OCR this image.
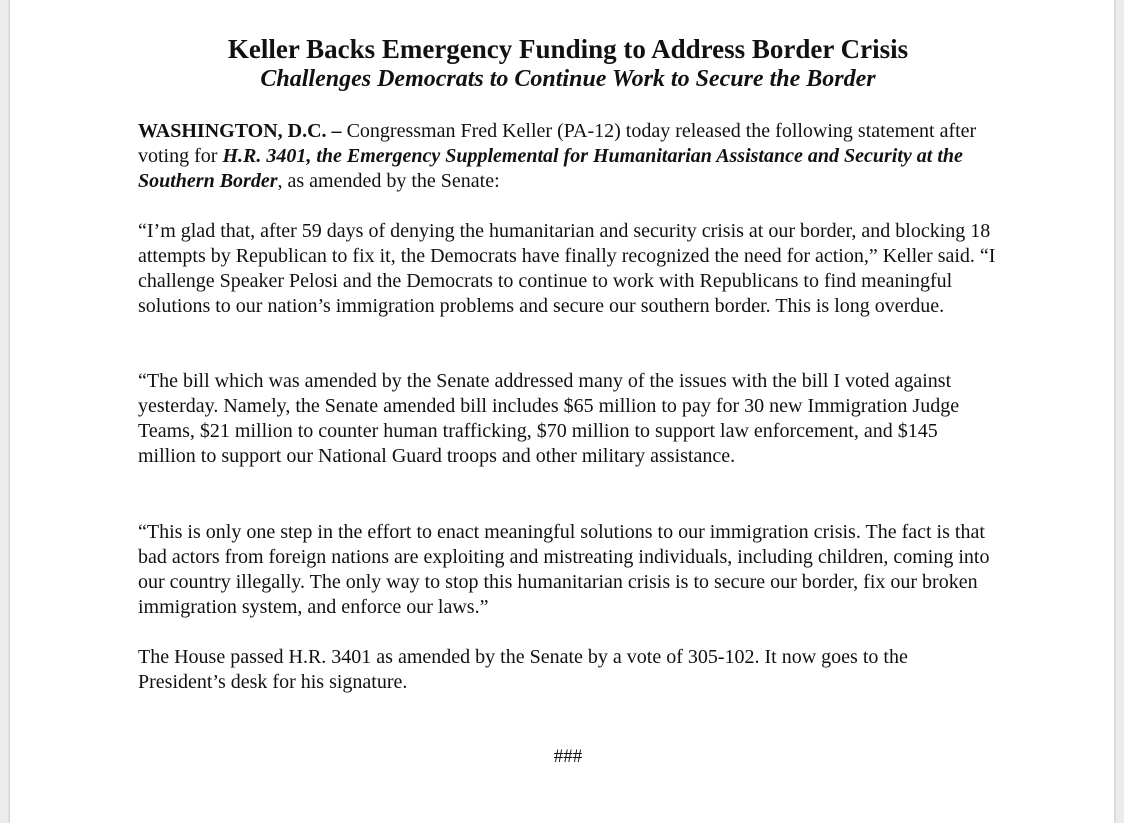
Keller Backs Emergency Funding to Address Border Crisis
Challenges Democrats to Continue Work to Secure the Border

WASHINGTON, D.C. – Congressman Fred Keller (PA-12) today released the following statement after voting for H.R. 3401, the Emergency Supplemental for Humanitarian Assistance and Security at the Southern Border, as amended by the Senate:

“I’m glad that, after 59 days of denying the humanitarian and security crisis at our border, and blocking 18 attempts by Republican to fix it, the Democrats have finally recognized the need for action,” Keller said. “I challenge Speaker Pelosi and the Democrats to continue to work with Republicans to find meaningful solutions to our nation’s immigration problems and secure our southern border. This is long overdue.

“The bill which was amended by the Senate addressed many of the issues with the bill I voted against yesterday. Namely, the Senate amended bill includes $65 million to pay for 30 new Immigration Judge Teams, $21 million to counter human trafficking, $70 million to support law enforcement, and $145 million to support our National Guard troops and other military assistance.

“This is only one step in the effort to enact meaningful solutions to our immigration crisis. The fact is that bad actors from foreign nations are exploiting and mistreating individuals, including children, coming into our country illegally. The only way to stop this humanitarian crisis is to secure our border, fix our broken immigration system, and enforce our laws.”

The House passed H.R. 3401 as amended by the Senate by a vote of 305-102. It now goes to the President’s desk for his signature.

###
